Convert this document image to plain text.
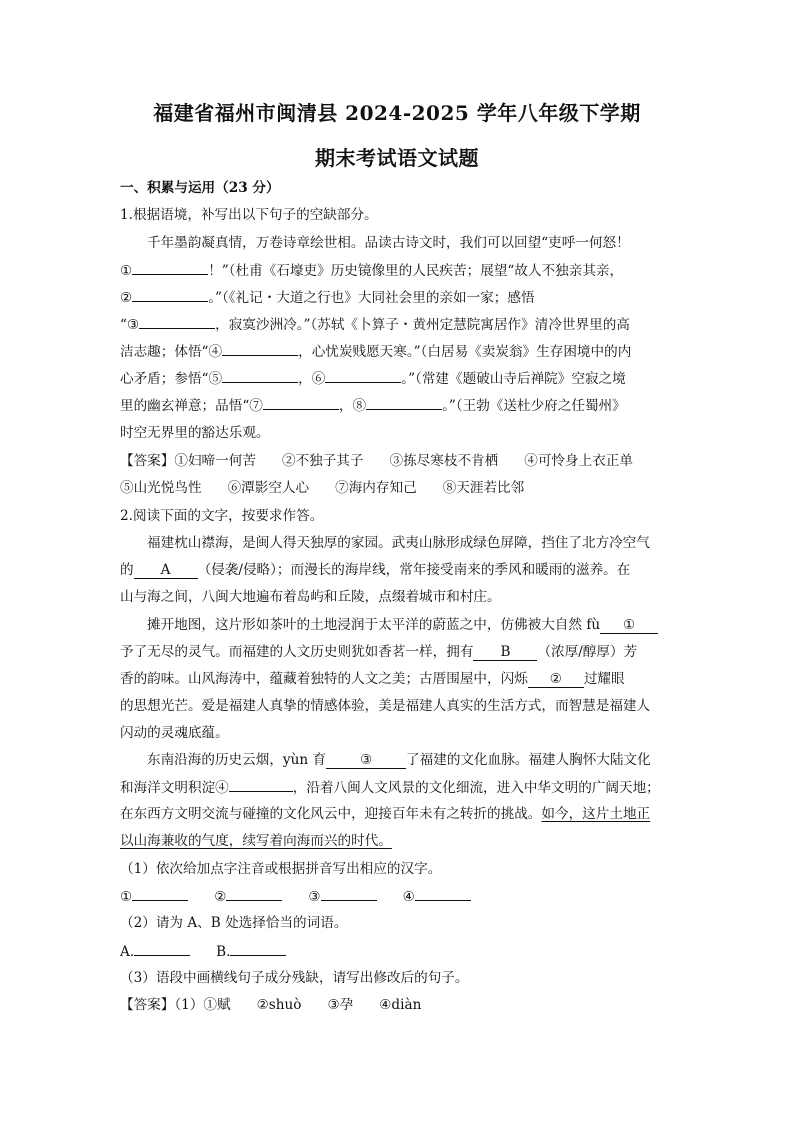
福建省福州市闽清县 2024-2025 学年八年级下学期
期末考试语文试题
一、积累与运用（23 分）
1.根据语境，补写出以下句子的空缺部分。
千年墨韵凝真情，万卷诗章绘世相。品读古诗文时，我们可以回望“吏呼一何怒！
①	！”（杜甫《石壕吏》历史镜像里的人民疾苦；展望“故人不独亲其亲，
②	。”（《礼记・大道之行也》大同社会里的亲如一家；感悟
“③	，寂寞沙洲冷。”（苏轼《卜算子・黄州定慧院寓居作》清冷世界里的高
洁志趣；体悟“④	，心忧炭贱愿天寒。”（白居易《卖炭翁》生存困境中的内
心矛盾；参悟“⑤	，⑥	。”（常建《题破山寺后禅院》空寂之境
里的幽玄禅意；品悟“⑦	，⑧	。”（王勃《送杜少府之任蜀州》
时空无界里的豁达乐观。
【答案】①妇啼一何苦 ②不独子其子 ③拣尽寒枝不肯栖 ④可怜身上衣正单
⑤山光悦鸟性 ⑥潭影空人心 ⑦海内存知己 ⑧天涯若比邻
2.阅读下面的文字，按要求作答。
福建枕山襟海，是闽人得天独厚的家园。武夷山脉形成绿色屏障，挡住了北方冷空气
的 A （侵袭/侵略）；而漫长的海岸线，常年接受南来的季风和暖雨的滋养。在
山与海之间，八闽大地遍布着岛屿和丘陵，点缀着城市和村庄。
摊开地图，这片形如茶叶的土地浸润于太平洋的蔚蓝之中，仿佛被大自然 fù ①
予了无尽的灵气。而福建的人文历史则犹如香茗一样，拥有 B （浓厚/醇厚）芳
香的韵味。山风海涛中，蕴藏着独特的人文之美；古厝围屋中，闪烁 ② 过耀眼
的思想光芒。爱是福建人真挚的情感体验，美是福建人真实的生活方式，而智慧是福建人
闪动的灵魂底蕴。
东南沿海的历史云烟，yùn 育 ③ 了福建的文化血脉。福建人胸怀大陆文化
和海洋文明积淀④	，沿着八闽人文风景的文化细流，进入中华文明的广阔天地；
在东西方文明交流与碰撞的文化风云中，迎接百年未有之转折的挑战。如今，这片土地正
以山海兼收的气度，续写着向海而兴的时代。
（1）依次给加点字注音或根据拼音写出相应的汉字。
①	②	③	④
（2）请为 A、B 处选择恰当的词语。
A.	B.
（3）语段中画横线句子成分残缺，请写出修改后的句子。
【答案】（1）①赋 ②shuò ③孕 ④diàn
